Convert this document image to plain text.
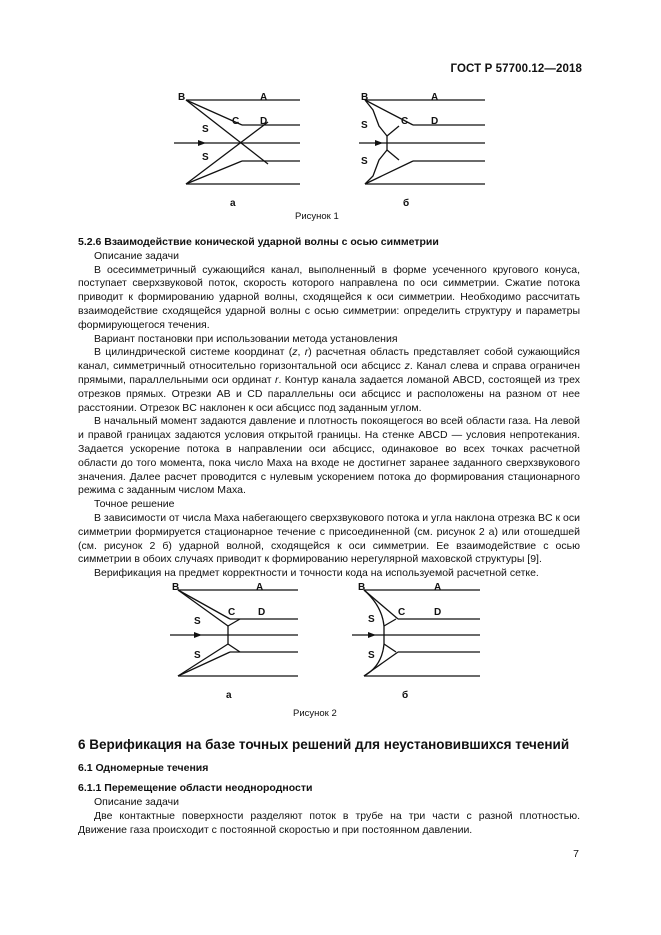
ГОСТ Р 57700.12—2018
B	A
C D
S
S
а
B	A
C D
S
S
б
Рисунок 1

5.2.6 Взаимодействие конической ударной волны с осью симметрии

Описание задачи

В осесимметричный сужающийся канал, выполненный в форме усеченного кругового конуса, поступает сверхзвуковой поток, скорость которого направлена по оси симметрии. Сжатие потока приводит к формированию ударной волны, сходящейся к оси симметрии. Необходимо рассчитать взаимодействие сходящейся ударной волны с осью симметрии: определить структуру и параметры формирующегося течения.

Вариант постановки при использовании метода установления

В цилиндрической системе координат (z, r) расчетная область представляет собой сужающийся канал, симметричный относительно горизонтальной оси абсцисс z. Канал слева и справа ограничен прямыми, параллельными оси ординат r. Контур канала задается ломаной ABCD, состоящей из трех отрезков прямых. Отрезки AB и CD параллельны оси абсцисс и расположены на разном от нее расстоянии. Отрезок BC наклонен к оси абсцисс под заданным углом.

В начальный момент задаются давление и плотность покоящегося во всей области газа. На левой и правой границах задаются условия открытой границы. На стенке ABCD — условия непротекания. Задается ускорение потока в направлении оси абсцисс, одинаковое во всех точках расчетной области до того момента, пока число Маха на входе не достигнет заранее заданного сверхзвукового значения. Далее расчет проводится с нулевым ускорением потока до формирования стационарного режима с заданным числом Маха.

Точное решение

В зависимости от числа Маха набегающего сверхзвукового потока и угла наклона отрезка BC к оси симметрии формируется стационарное течение с присоединенной (см. рисунок 2 а) или отошедшей (см. рисунок 2 б) ударной волной, сходящейся к оси симметрии. Ее взаимодействие с осью симметрии в обоих случаях приводит к формированию нерегулярной маховской структуры [9].

Верификация на предмет корректности и точности кода на используемой расчетной сетке.

B	A
C D
S
S
а
B	A
C	D
S
S
б
Рисунок 2
6 Верификация на базе точных решений для неустановившихся течений
6.1 Одномерные течения
6.1.1 Перемещение области неоднородности

Описание задачи

Две контактные поверхности разделяют поток в трубе на три части с разной плотностью. Движение газа происходит с постоянной скоростью и при постоянном давлении.

7
